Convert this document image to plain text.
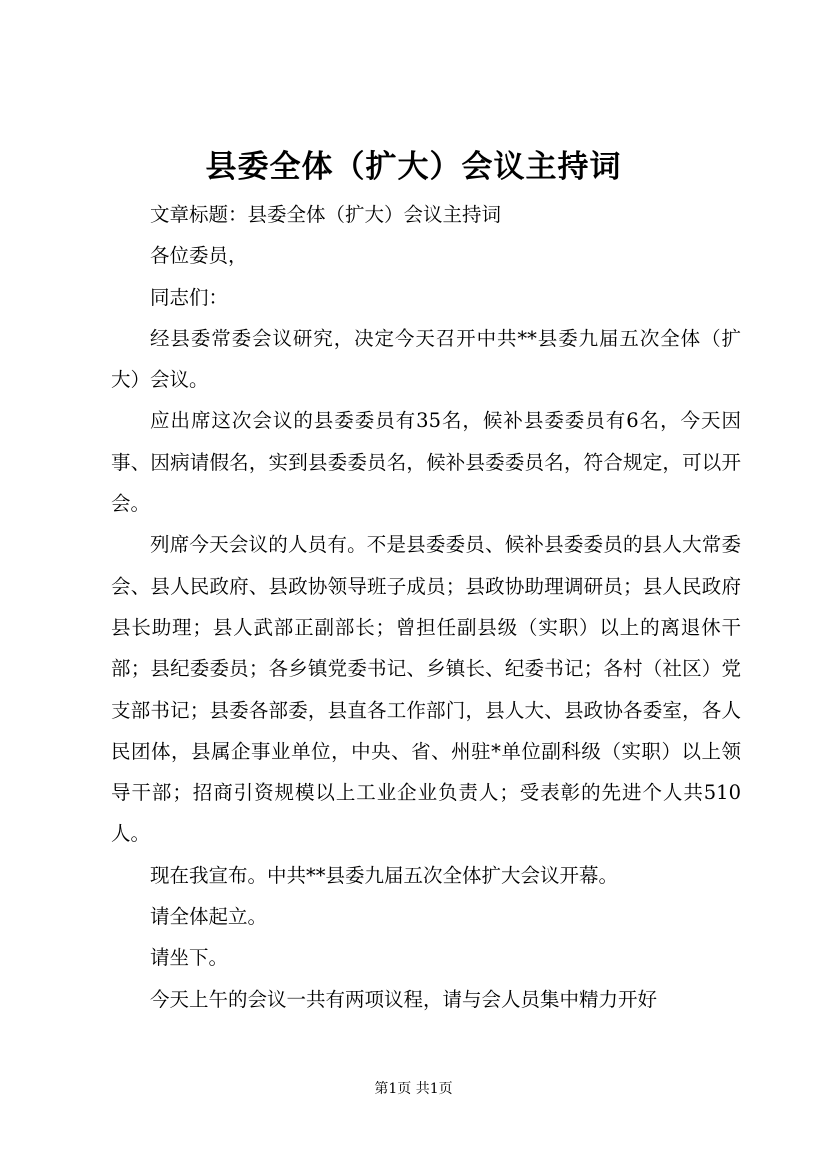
县委全体（扩大）会议主持词

文章标题：县委全体（扩大）会议主持词

各位委员，

同志们：

经县委常委会议研究，决定今天召开中共**县委九届五次全体（扩大）会议。

应出席这次会议的县委委员有35名，候补县委委员有6名，今天因事、因病请假名，实到县委委员名，候补县委委员名，符合规定，可以开会。

列席今天会议的人员有。不是县委委员、候补县委委员的县人大常委会、县人民政府、县政协领导班子成员；县政协助理调研员；县人民政府县长助理；县人武部正副部长；曾担任副县级（实职）以上的离退休干部；县纪委委员；各乡镇党委书记、乡镇长、纪委书记；各村（社区）党支部书记；县委各部委，县直各工作部门，县人大、县政协各委室，各人民团体，县属企事业单位，中央、省、州驻*单位副科级（实职）以上领导干部；招商引资规模以上工业企业负责人；受表彰的先进个人共510人。

现在我宣布。中共**县委九届五次全体扩大会议开幕。

请全体起立。

请坐下。

今天上午的会议一共有两项议程，请与会人员集中精力开好

第1页 共1页
